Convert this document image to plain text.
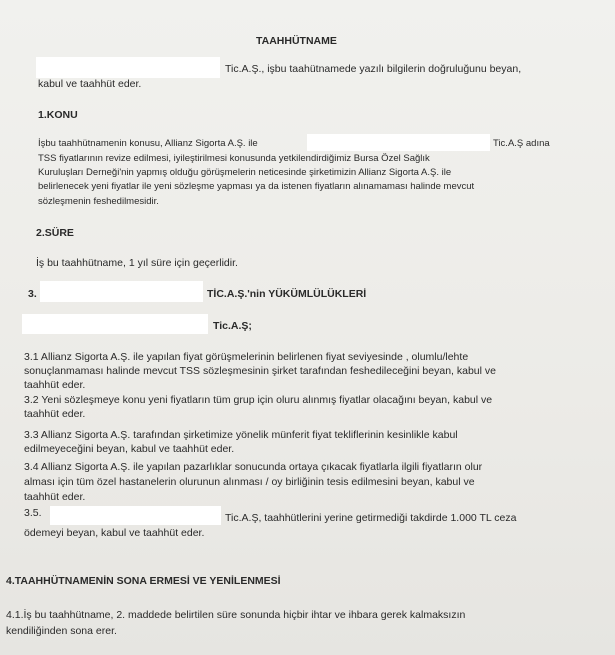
TAAHHÜTNAME
Tic.A.Ş., işbu taahütnamede yazılı bilgilerin doğruluğunu beyan,
kabul ve taahhüt eder.
1.KONU
İşbu taahhütnamenin konusu, Allianz Sigorta A.Ş. ile	Tic.A.Ş adına
TSS fiyatlarının revize edilmesi, iyileştirilmesi konusunda yetkilendirdiğimiz Bursa Özel Sağlık
Kuruluşları Derneği'nin yapmış olduğu görüşmelerin neticesinde şirketimizin Allianz Sigorta A.Ş. ile
belirlenecek yeni fiyatlar ile yeni sözleşme yapması ya da istenen fiyatların alınamaması halinde mevcut
sözleşmenin feshedilmesidir.
2.SÜRE
İş bu taahhütname, 1 yıl süre için geçerlidir.
3.	TİC.A.Ş.'nin YÜKÜMLÜLÜKLERİ
Tic.A.Ş;
3.1 Allianz Sigorta A.Ş. ile yapılan fiyat görüşmelerinin belirlenen fiyat seviyesinde , olumlu/lehte
sonuçlanmaması halinde mevcut TSS sözleşmesinin şirket tarafından feshedileceğini beyan, kabul ve
taahhüt eder.
3.2 Yeni sözleşmeye konu yeni fiyatların tüm grup için oluru alınmış fiyatlar olacağını beyan, kabul ve
taahhüt eder.
3.3 Allianz Sigorta A.Ş. tarafından şirketimize yönelik münferit fiyat tekliflerinin kesinlikle kabul
edilmeyeceğini beyan, kabul ve taahhüt eder.
3.4 Allianz Sigorta A.Ş. ile yapılan pazarlıklar sonucunda ortaya çıkacak fiyatlarla ilgili fiyatların olur
alması için tüm özel hastanelerin olurunun alınması / oy birliğinin tesis edilmesini beyan, kabul ve
taahhüt eder.
3.5.	Tic.A.Ş, taahhütlerini yerine getirmediği takdirde 1.000 TL ceza
ödemeyi beyan, kabul ve taahhüt eder.
4.TAAHHÜTNAMENİN SONA ERMESİ VE YENİLENMESİ
4.1.İş bu taahhütname, 2. maddede belirtilen süre sonunda hiçbir ihtar ve ihbara gerek kalmaksızın
kendiliğinden sona erer.
